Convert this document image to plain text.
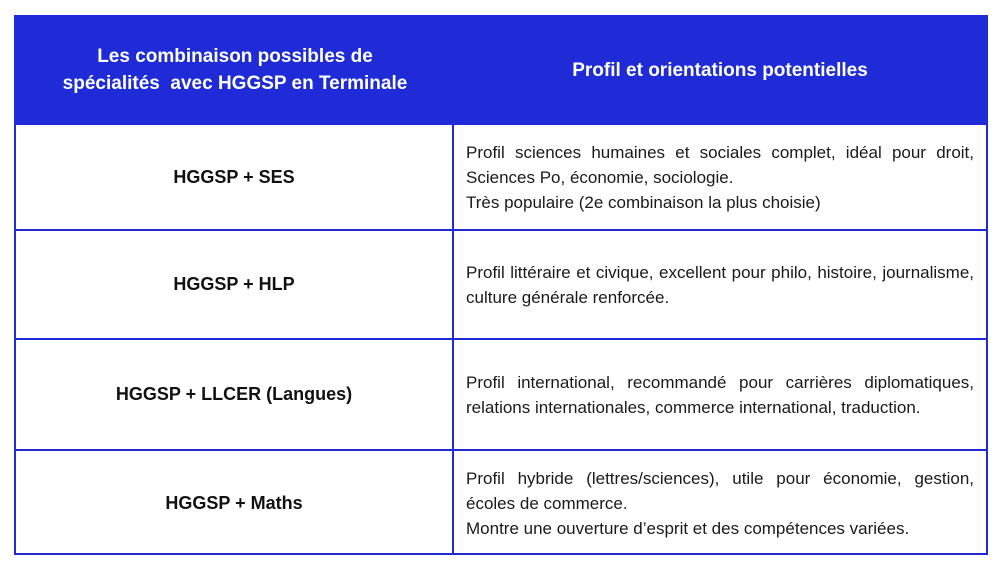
Les combinaison possibles de
spécialités  avec HGGSP en Terminale
Profil et orientations potentielles
HGGSP + SES

Profil sciences humaines et sociales complet, idéal pour droit, Sciences Po, économie, sociologie.

Très populaire (2e combinaison la plus choisie)

HGGSP + HLP

Profil littéraire et civique, excellent pour philo, histoire, journalisme, culture générale renforcée.

HGGSP + LLCER (Langues)

Profil international, recommandé pour carrières diplomatiques, relations internationales, commerce international, traduction.

HGGSP + Maths

Profil hybride (lettres/sciences), utile pour économie, gestion, écoles de commerce.

Montre une ouverture d’esprit et des compétences variées.
